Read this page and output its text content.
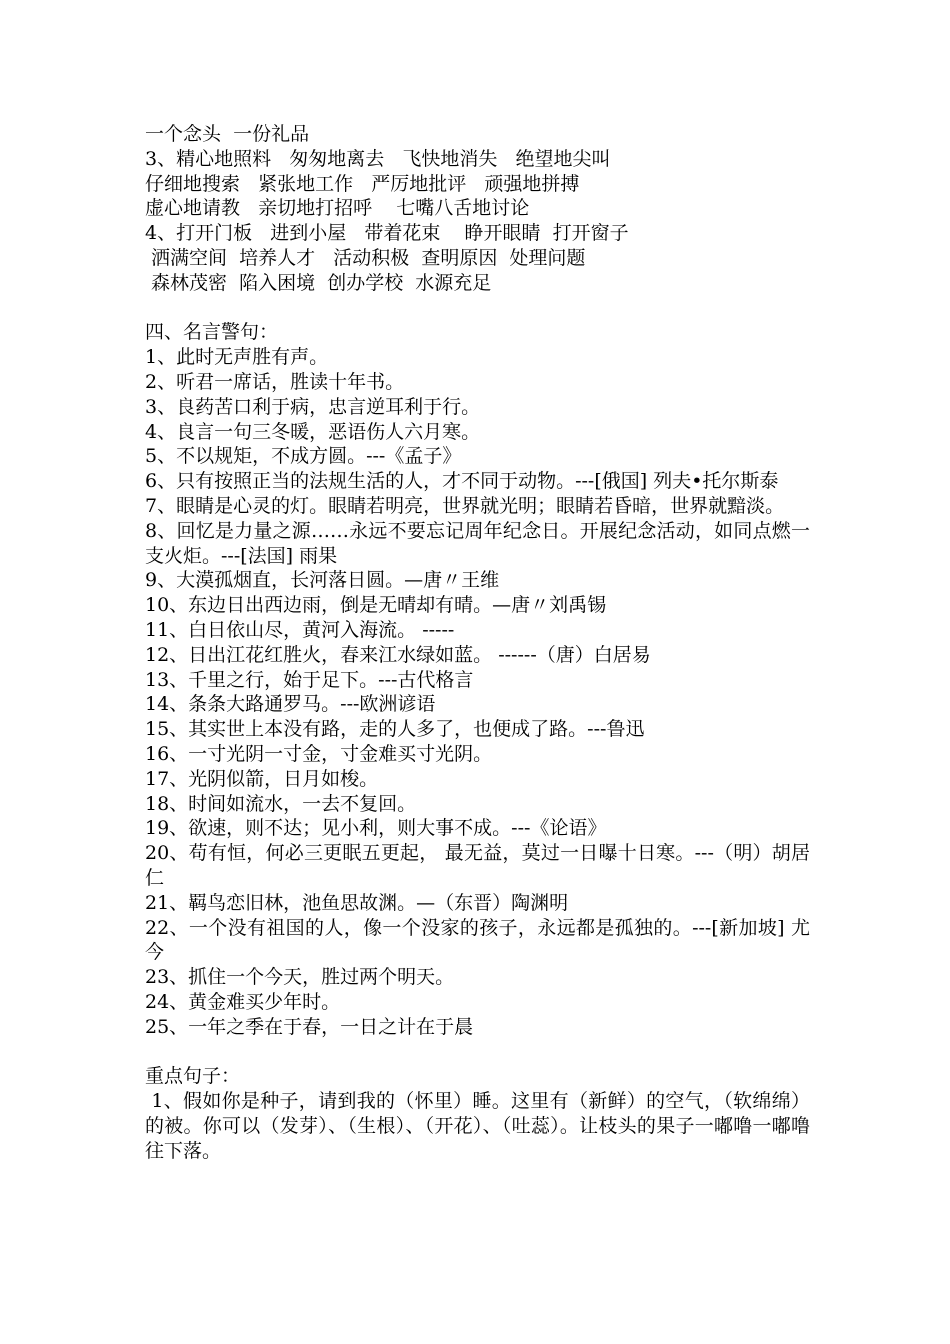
一个念头  一份礼品
3、精心地照料   匆匆地离去   飞快地消失   绝望地尖叫
仔细地搜索   紧张地工作   严厉地批评   顽强地拼搏
虚心地请教   亲切地打招呼    七嘴八舌地讨论
4、打开门板   进到小屋   带着花束    睁开眼睛  打开窗子
洒满空间  培养人才   活动积极  查明原因  处理问题
森林茂密  陷入困境  创办学校  水源充足
四、名言警句：
1、此时无声胜有声。
2、听君一席话，胜读十年书。
3、良药苦口利于病，忠言逆耳利于行。
4、良言一句三冬暖，恶语伤人六月寒。
5、不以规矩，不成方圆。---《孟子》
6、只有按照正当的法规生活的人，才不同于动物。---[俄国] 列夫•托尔斯泰
7、眼睛是心灵的灯。眼睛若明亮，世界就光明；眼睛若昏暗，世界就黯淡。
8、回忆是力量之源……永远不要忘记周年纪念日。开展纪念活动，如同点燃一支火炬。---[法国] 雨果
9、大漠孤烟直，长河落日圆。—唐〃王维
10、东边日出西边雨，倒是无晴却有晴。—唐〃刘禹锡
11、白日依山尽，黄河入海流。 -----
12、日出江花红胜火，春来江水绿如蓝。 ------（唐）白居易
13、千里之行，始于足下。---古代格言
14、条条大路通罗马。---欧洲谚语
15、其实世上本没有路，走的人多了，也便成了路。---鲁迅
16、一寸光阴一寸金，寸金难买寸光阴。
17、光阴似箭，日月如梭。
18、时间如流水，一去不复回。
19、欲速，则不达；见小利，则大事不成。---《论语》
20、苟有恒，何必三更眠五更起， 最无益，莫过一日曝十日寒。---（明）胡居仁
21、羁鸟恋旧林，池鱼思故渊。—（东晋）陶渊明
22、一个没有祖国的人，像一个没家的孩子，永远都是孤独的。---[新加坡] 尤今
23、抓住一个今天，胜过两个明天。
24、黄金难买少年时。
25、一年之季在于春，一日之计在于晨
重点句子：

1、假如你是种子，请到我的（怀里）睡。这里有（新鲜）的空气，（软绵绵）的被。你可以（发芽）、（生根）、（开花）、（吐蕊）。让枝头的果子一嘟噜一嘟噜往下落。
